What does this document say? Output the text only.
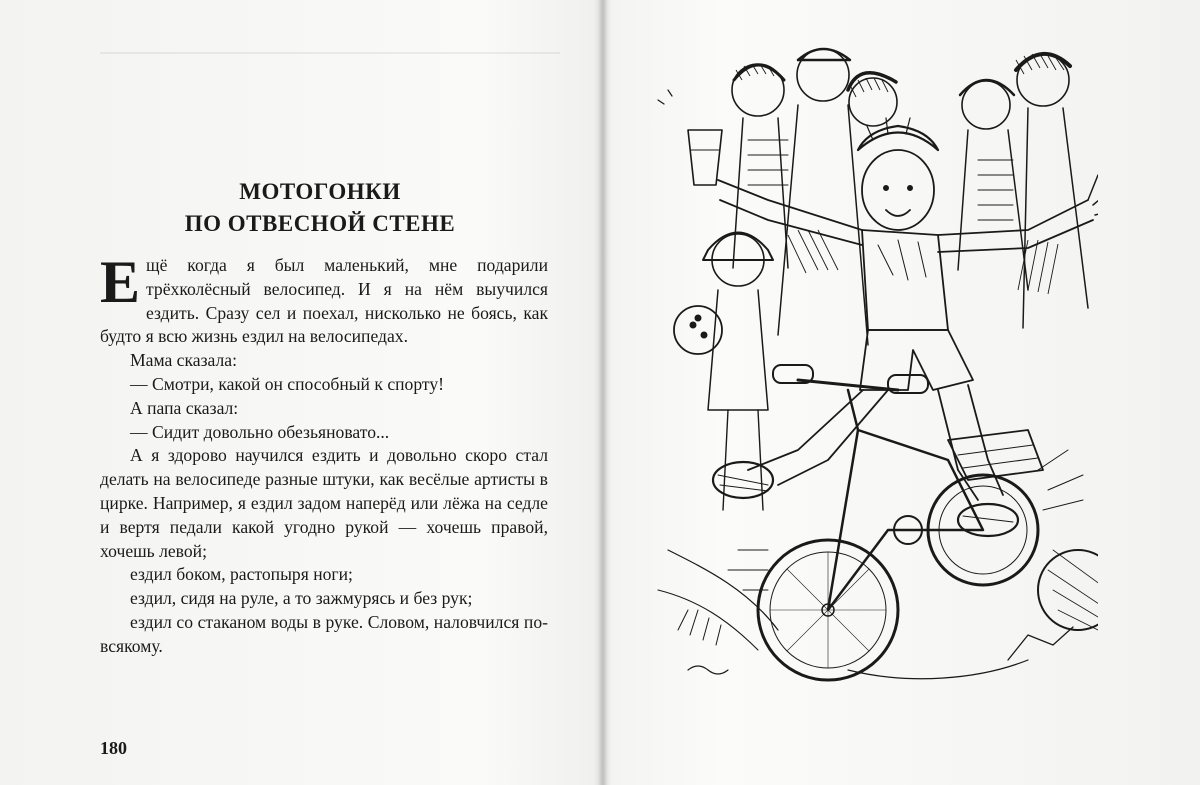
МОТОГОНКИ
ПО ОТВЕСНОЙ СТЕНЕ

Ещё когда я был маленький, мне подарили трёхколёсный велосипед. И я на нём выучился ездить. Сразу сел и поехал, нисколько не боясь, как будто я всю жизнь ездил на велосипедах.

Мама сказала:

— Смотри, какой он способный к спорту!

А папа сказал:

— Сидит довольно обезьяновато...

А я здорово научился ездить и довольно скоро стал делать на велосипеде разные штуки, как весёлые артисты в цирке. Например, я ездил задом наперёд или лёжа на седле и вертя педали какой угодно рукой — хочешь правой, хочешь левой;

ездил боком, растопыря ноги;

ездил, сидя на руле, а то зажмурясь и без рук;

ездил со стаканом воды в руке. Словом, наловчился по-всякому.

180
